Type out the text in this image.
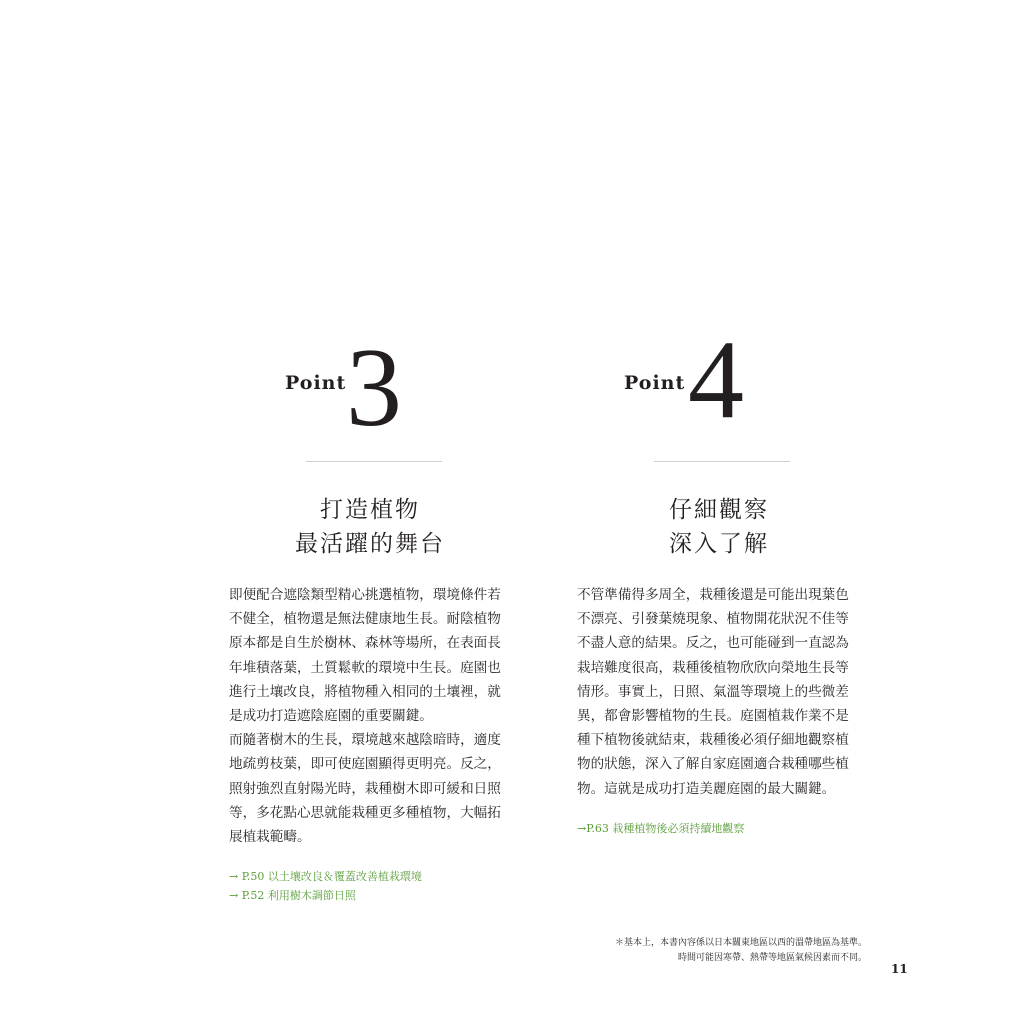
Point 3
打造植物
最活躍的舞台
即便配合遮陰類型精心挑選植物，環境條件若
不健全，植物還是無法健康地生長。耐陰植物
原本都是自生於樹林、森林等場所，在表面長
年堆積落葉，土質鬆軟的環境中生長。庭園也
進行土壤改良，將植物種入相同的土壤裡，就
是成功打造遮陰庭園的重要關鍵。
而隨著樹木的生長，環境越來越陰暗時，適度
地疏剪枝葉，即可使庭園顯得更明亮。反之，
照射強烈直射陽光時，栽種樹木即可緩和日照
等，多花點心思就能栽種更多種植物，大幅拓
展植栽範疇。
→ P.50 以土壤改良＆覆蓋改善植栽環境
→ P.52 利用樹木調節日照
Point 4
仔細觀察
深入了解
不管準備得多周全，栽種後還是可能出現葉色
不漂亮、引發葉燒現象、植物開花狀況不佳等
不盡人意的結果。反之，也可能碰到一直認為
栽培難度很高，栽種後植物欣欣向榮地生長等
情形。事實上，日照、氣溫等環境上的些微差
異，都會影響植物的生長。庭園植栽作業不是
種下植物後就結束，栽種後必須仔細地觀察植
物的狀態，深入了解自家庭園適合栽種哪些植
物。這就是成功打造美麗庭園的最大關鍵。
→P.63 栽種植物後必須持續地觀察
＊基本上，本書內容係以日本關東地區以西的溫帶地區為基準。
時間可能因寒帶、熱帶等地區氣候因素而不同。
11
